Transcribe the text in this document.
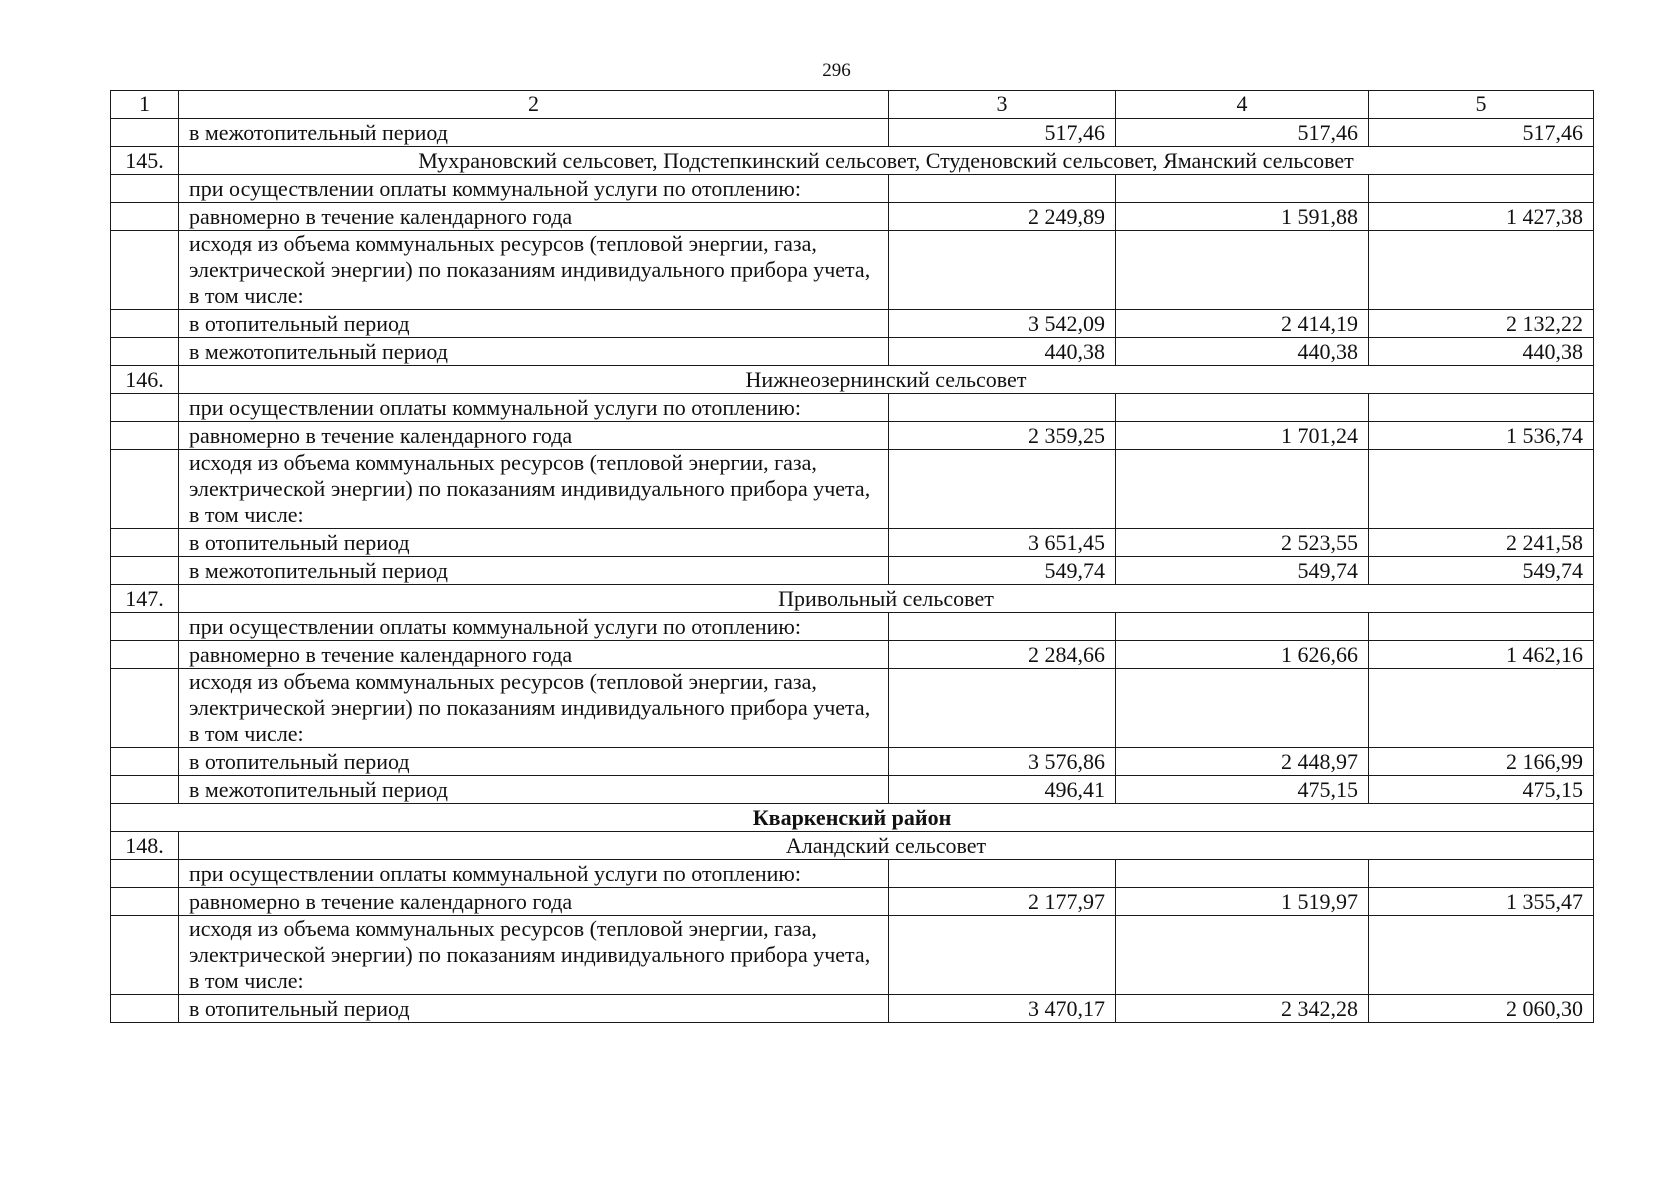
296
1	2	3	4	5
	в межотопительный период	517,46	517,46	517,46
145.	Мухрановский сельсовет, Подстепкинский сельсовет, Студеновский сельсовет, Яманский сельсовет			
	при осуществлении оплаты коммунальной услуги по отоплению:			
	равномерно в течение календарного года	2 249,89	1 591,88	1 427,38
	исходя из объема коммунальных ресурсов (тепловой энергии, газа, электрической энергии) по показаниям индивидуального прибора учета, в том числе:			
	в отопительный период	3 542,09	2 414,19	2 132,22
	в межотопительный период	440,38	440,38	440,38
146.	Нижнеозернинский сельсовет			
	при осуществлении оплаты коммунальной услуги по отоплению:			
	равномерно в течение календарного года	2 359,25	1 701,24	1 536,74
	исходя из объема коммунальных ресурсов (тепловой энергии, газа, электрической энергии) по показаниям индивидуального прибора учета, в том числе:			
	в отопительный период	3 651,45	2 523,55	2 241,58
	в межотопительный период	549,74	549,74	549,74
147.	Привольный сельсовет			
	при осуществлении оплаты коммунальной услуги по отоплению:			
	равномерно в течение календарного года	2 284,66	1 626,66	1 462,16
	исходя из объема коммунальных ресурсов (тепловой энергии, газа, электрической энергии) по показаниям индивидуального прибора учета, в том числе:			
	в отопительный период	3 576,86	2 448,97	2 166,99
	в межотопительный период	496,41	475,15	475,15
Кваркенский район				
148.	Аландский сельсовет			
	при осуществлении оплаты коммунальной услуги по отоплению:			
	равномерно в течение календарного года	2 177,97	1 519,97	1 355,47
	исходя из объема коммунальных ресурсов (тепловой энергии, газа, электрической энергии) по показаниям индивидуального прибора учета, в том числе:			
	в отопительный период	3 470,17	2 342,28	2 060,30
